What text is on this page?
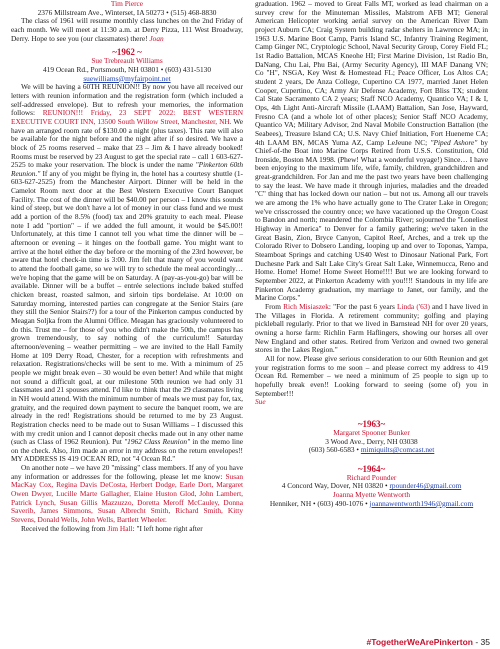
Tim Pierce
2376 Millstream Ave., Winterset, IA 50273 • (515) 468-8830

The class of 1961 will resume monthly class lunches on the 2nd Friday of each month. We will meet at 11:30 a.m. at Derry Pizza, 111 West Broadway, Derry. Hope to see you (our classmates) there! Joan

~1962 ~
Sue Trebreault Williams
419 Ocean Rd., Portsmouth, NH 03801 • (603) 431-5130
suewilliams@myfairpoint.net

We will be having a 60TH REUNION!! By now you have all received our letters with reunion information and the registration form (which included a self-addressed envelope). But to refresh your memories, the information follows: REUNION!!! Friday, 23 SEPT 2022: BEST WESTERN EXECUTIVE COURT INN, 13500 South Willow Street, Manchester, NH. We have an arranged room rate of $130.00 a night (plus taxes). This rate will also be available for the night before and the night after if so desired. We have a block of 25 rooms reserved – make that 23 – Jim & I have already booked! Rooms must be reserved by 23 August to get the special rate – call 1 603-627-2525 to make your reservation. The block is under the name "Pinkerton 60th Reunion." If any of you might be flying in, the hotel has a courtesy shuttle (1-603-627-2525) from the Manchester Airport. Dinner will be held in the Camelot Room next door at the Best Western Executive Court Banquet Facility. The cost of the dinner will be $40.00 per person – I know this sounds kind of steep, but we don't have a lot of money in our class fund and we must add a portion of the 8.5% (food) tax and 20% gratuity to each meal. Please note I add "portion" – if we added the full amount, it would be $45.00!! Unfortunately, at this time I cannot tell you what time the dinner will be – afternoon or evening – it hinges on the football game. You might want to arrive at the hotel either the day before or the morning of the 23rd however, be aware that hotel check-in time is 3:00. Jim felt that many of you would want to attend the football game, so we will try to schedule the meal accordingly… we're hoping that the game will be on Saturday. A (pay-as-you-go) bar will be available. Dinner will be a buffet – entrée selections include baked stuffed chicken breast, roasted salmon, and sirloin tips bordelaise. At 10:00 on Saturday morning, interested parties can congregate at the Senior Stairs (are they still the Senior Stairs??) for a tour of the Pinkerton campus conducted by Meagan Soljka from the Alumni Office. Meagan has graciously volunteered to do this. Trust me – for those of you who didn't make the 50th, the campus has grown tremendously, to say nothing of the curriculum!! Saturday afternoon/evening – weather permitting – we are invited to the Hall Family Home at 109 Derry Road, Chester, for a reception with refreshments and relaxation. Registrations/checks will be sent to me. With a minimum of 25 people we might break even – 30 would be even better! And while that might not sound a difficult goal, at our milestone 50th reunion we had only 31 classmates and 21 spouses attend. I'd like to think that the 29 classmates living in NH would attend. With the minimum number of meals we must pay for, tax, gratuity, and the required down payment to secure the banquet room, we are already in the red! Registrations should be returned to me by 23 August. Registration checks need to be made out to Susan Williams – I discussed this with my credit union and I cannot deposit checks made out in any other name (such as Class of 1962 Reunion). Put "1962 Class Reunion" in the memo line on the check. Also, Jim made an error in my address on the return envelopes!! MY ADDRESS IS 419 OCEAN RD, not "4 Ocean Rd."

On another note – we have 20 "missing" class members. If any of you have any information or addresses for the following, please let me know: Susan MacKay Cox, Regina Davis DeCosta, Herbert Dodge, Earle Dort, Margaret Owen Dwyer, Lucille Marte Gallagher, Elaine Huston Glod, John Lambert, Patrick Lynch, Susan Gillis Mazzuzzo, Doretta Meroff McCauley, Donna Saverib, James Simmons, Susan Albrecht Smith, Richard Smith, Kitty Stevens, Donald Wells, John Wells, Bartlett Wheeler.

Received the following from Jim Hall: "I left home right after

graduation. 1962 – moved to Great Falls MT, worked as lead chairman on a survey crew for the Minuteman Missiles, Malstrom AFB MT; General American Helicopter working aerial survey on the American River Dam project Auburn CA; Craig System building radar shelters in Lawrence MA; in 1963 U.S. Marine Boot Camp, Parris Island SC, Infantry Training Regiment, Camp Ginger NC, Cryptologic School, Naval Security Group, Corey Field FL; 1st Radio Battalion, MCAS Kneohe HI; First Marine Division, 1st Radio Bn, DaNang, Chu Lai, Phu Bai, (Army Security Agency), III MAF Danang VN; Co "H", NSGA, Key West & Homestead FL; Peace Officer, Los Altos CA; student 2 years, De Anza College, Cupertino CA 1977, married Janet Helen Cooper, Cupertino, CA; Army Air Defense Academy, Fort Bliss TX; student Cal State Sacramento CA 2 years; Staff NCO Academy, Quantico VA; I & I, Ops, 4th Light Anti-Aircraft Missile (LAAM) Battalion, San Jose, Hayward, Fresno CA (and a whole lot of other places); Senior Staff NCO Academy, Quantico VA; Military Advisor, 2nd Naval Mobile Construction Battalion (the Seabees), Treasure Island CA; U.S. Navy Chief Initiation, Fort Hueneme CA; 4th LAAM BN, MCAS Yuma AZ, Camp LeJeune NC; "Piped Ashore" by Chief-of-the Boat into Marine Corps Retired from U.S.S. Constitution, Old Ironside, Boston MA 1998. (Phew! What a wonderful voyage!) Since… I have been enjoying to the maximum life, wife, family, children, grandchildren and great-grandchildren. For Jan and me the past two years have been challenging to say the least. We have made it through injuries, maladies and the dreaded "C" thing that has locked down our nation – but not us. Among all our travels we are among the 1% who have actually gone to The Crater Lake in Oregon; we've crisscrossed the country once; we have vacationed up the Oregon Coast to Bandon and north; meandered the Colombia River; sojourned the "Loneliest Highway in America" to Denver for a family gathering; we've taken in the Great Basin, Zion, Bryce Canyon, Capitol Reef, Arches, and a trek up the Colorado River to Dobsero Landing, looping up and over to Toponas, Yampa, Steamboat Springs and catching US40 West to Dinosaur National Park, Fort Duchesne Park and Salt Lake City's Great Salt Lake, Winnemucca, Reno and Home. Home! Home! Home Sweet Home!!!! But we are looking forward to September 2022, at Pinkerton Academy with you!!!! Standouts in my life are Pinkerton Academy graduation, my marriage to Janet, our family, and the Marine Corps."

From Rich Misiaszek: "For the past 6 years Linda ('63) and I have lived in The Villages in Florida. A retirement community; golfing and playing pickleball regularly. Prior to that we lived in Barnstead NH for over 20 years, owning a horse farm: Richlin Farm Haflingers, showing our horses all over New England and other states. Retired from Verizon and owned two general stores in the Lakes Region."

All for now. Please give serious consideration to our 60th Reunion and get your registration forms to me soon – and please correct my address to 419 Ocean Rd. Remember – we need a minimum of 25 people to sign up to hopefully break even!! Looking forward to seeing (some of) you in September!!!

Sue
~1963~
Margaret Spooner Bunker
3 Wood Ave., Derry, NH 03038
(603) 560-6583 • mimiquilts@comcast.net
~1964~
Richard Pounder
4 Concord Way, Dover, NH 03820 • rpounder46@gmail.com
Joanna Myette Wentworth
Henniker, NH • (603) 490-1076 • joannawentworth1946@gmail.com
#TogetherWeArePinkerton - 35
